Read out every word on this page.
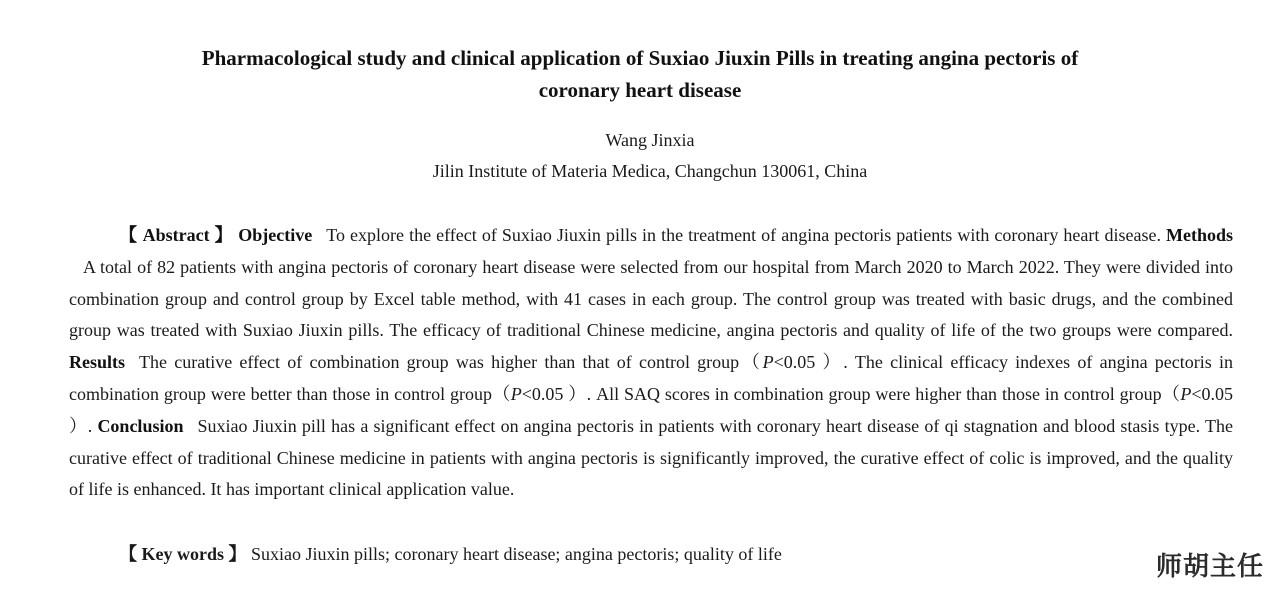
Pharmacological study and clinical application of Suxiao Jiuxin Pills in treating angina pectoris of
coronary heart disease
Wang Jinxia
Jilin Institute of Materia Medica, Changchun 130061, China
【 Abstract 】 Objective To explore the effect of Suxiao Jiuxin pills in the treatment of angina pectoris patients with coronary heart disease. MethodsA total of 82 patients with angina pectoris of coronary heart disease were selected from our hospital from March 2020 to March 2022. They were divided into combination group and control group by Excel table method, with 41 cases in each group. The control group was treated with basic drugs, and the combined group was treated with Suxiao Jiuxin pills. The efficacy of traditional Chinese medicine, angina pectoris and quality of life of the two groups were compared. Results The curative effect of combination group was higher than that of control group（P<0.05 ）. The clinical efficacy indexes of angina pectoris in combination group were better than those in control group（P<0.05 ）. All SAQ scores in combination group were higher than those in control group（P<0.05 ）. Conclusion Suxiao Jiuxin pill has a significant effect on angina pectoris in patients with coronary heart disease of qi stagnation and blood stasis type. The curative effect of traditional Chinese medicine in patients with angina pectoris is significantly improved, the curative effect of colic is improved, and the quality of life is enhanced. It has important clinical application value.
【 Key words 】 Suxiao Jiuxin pills; coronary heart disease; angina pectoris; quality of life	师胡主任
